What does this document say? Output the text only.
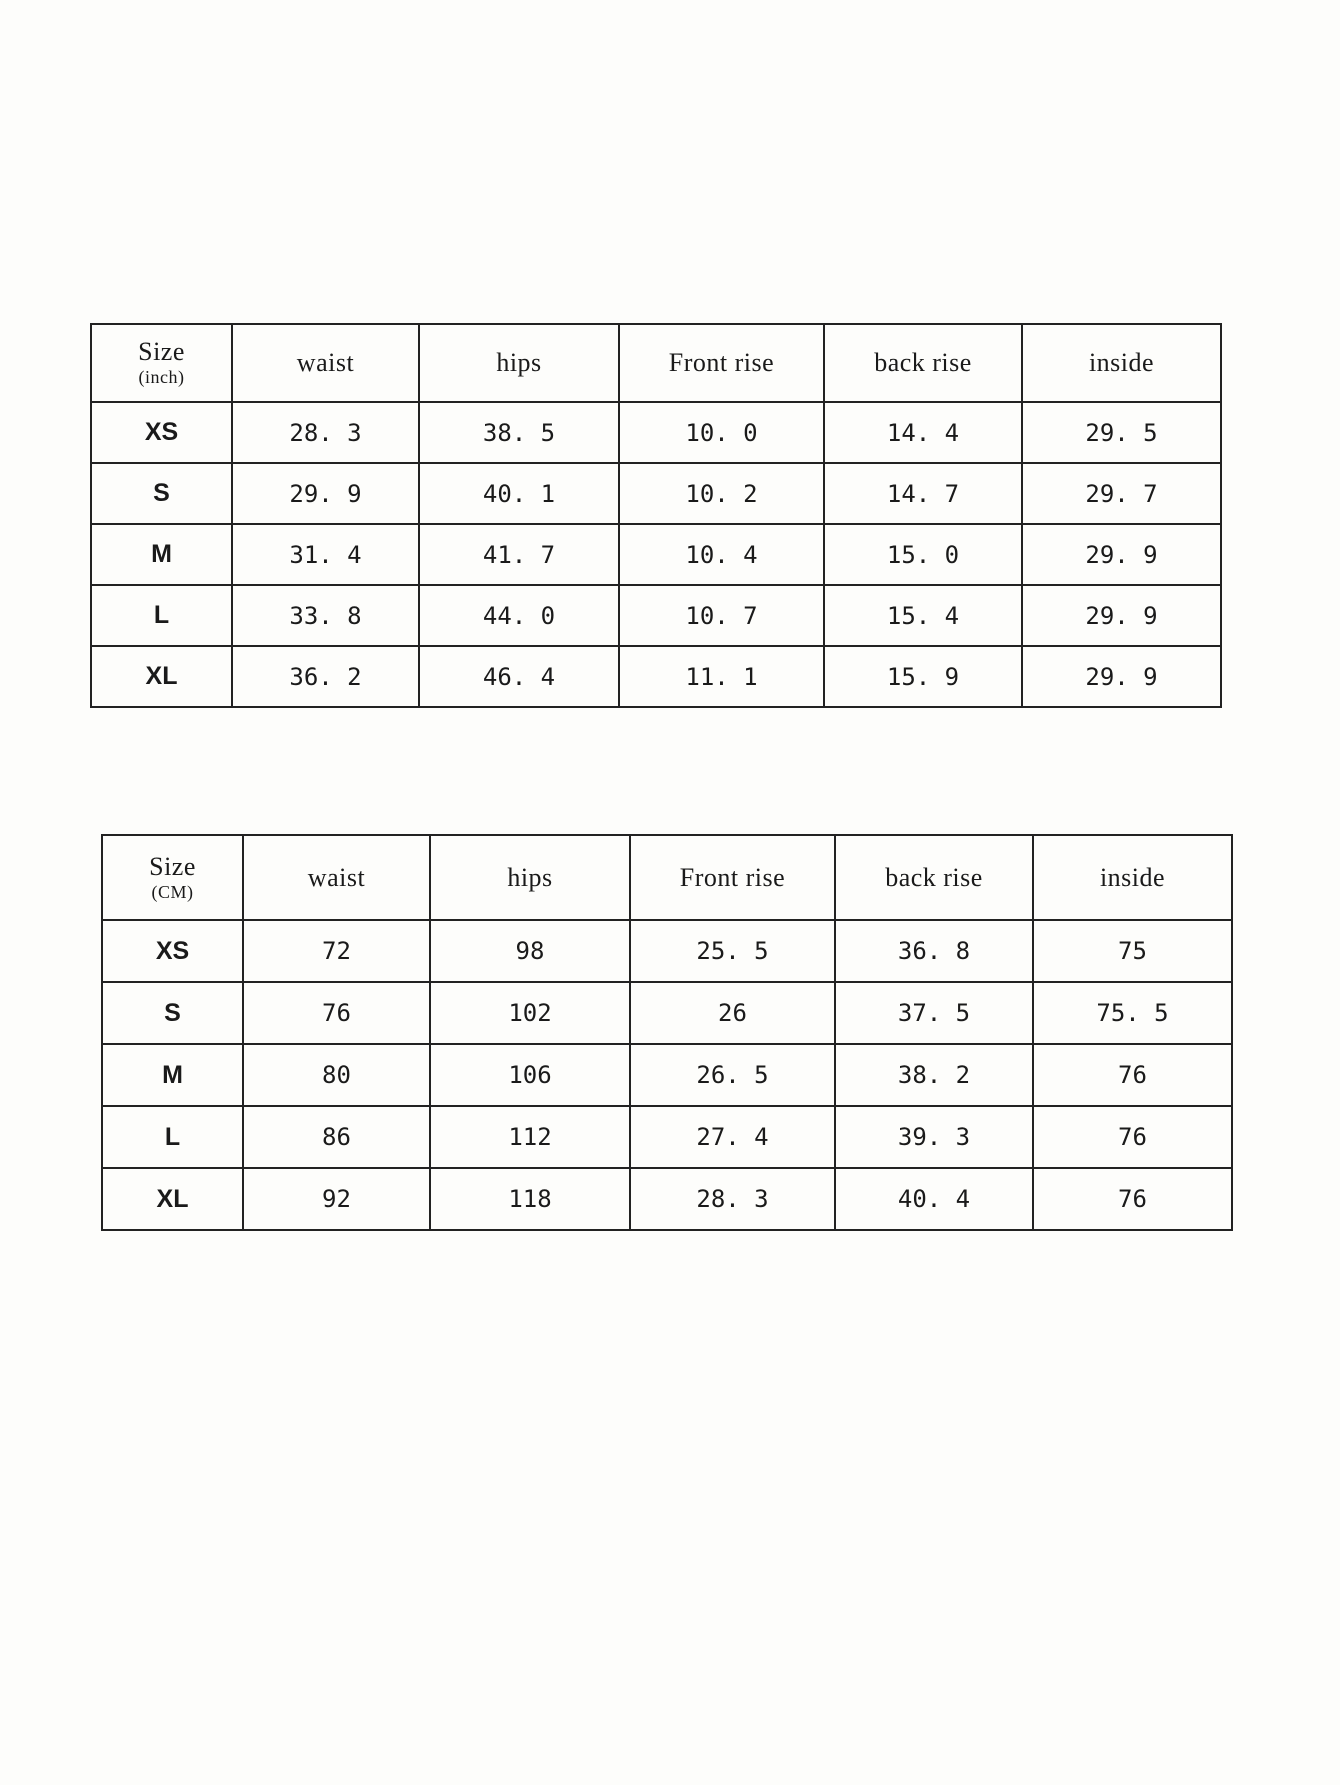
Size
(inch)	waist	hips	Front rise	back rise	inside
XS	28. 3	38. 5	10. 0	14. 4	29. 5
S	29. 9	40. 1	10. 2	14. 7	29. 7
M	31. 4	41. 7	10. 4	15. 0	29. 9
L	33. 8	44. 0	10. 7	15. 4	29. 9
XL	36. 2	46. 4	11. 1	15. 9	29. 9
Size
(CM)	waist	hips	Front rise	back rise	inside
XS	72	98	25. 5	36. 8	75
S	76	102	26	37. 5	75. 5
M	80	106	26. 5	38. 2	76
L	86	112	27. 4	39. 3	76
XL	92	118	28. 3	40. 4	76
